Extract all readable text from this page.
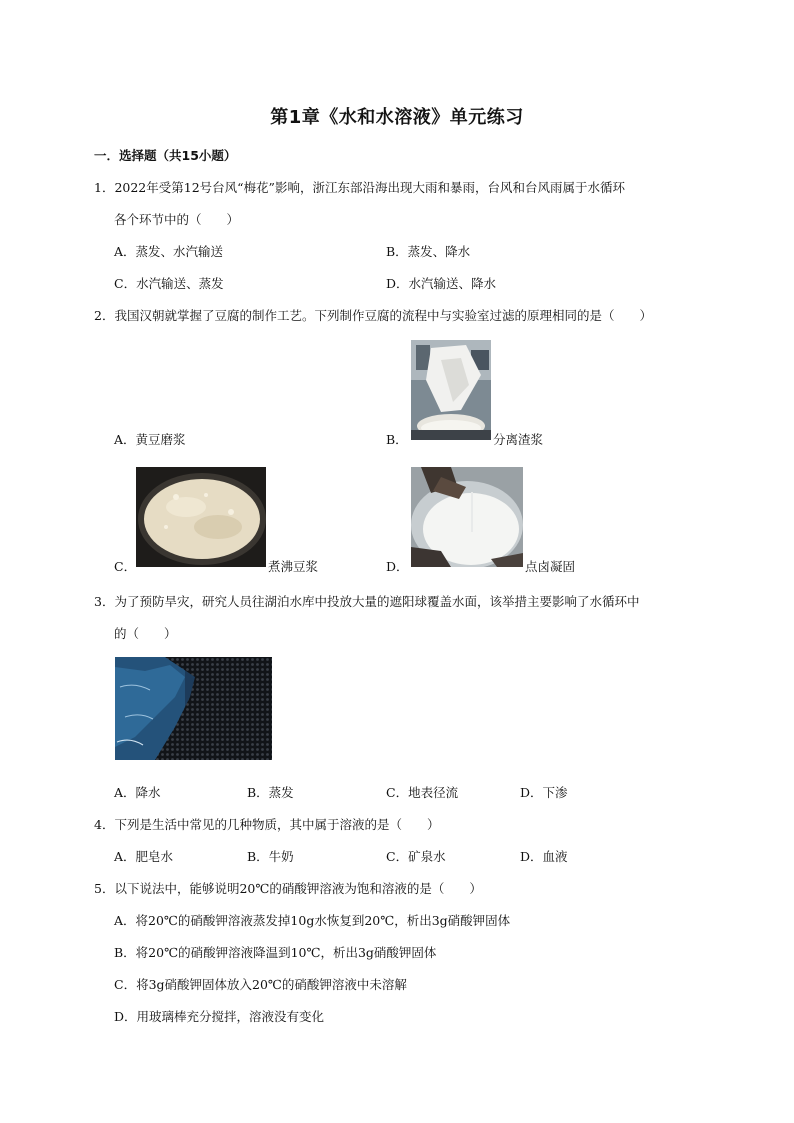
第1章《水和水溶液》单元练习
一．选择题（共15小题）
1．2022年受第12号台风“梅花”影响，浙江东部沿海出现大雨和暴雨，台风和台风雨属于水循环
各个环节中的（　　）
A．蒸发、水汽输送	B．蒸发、降水
C．水汽输送、蒸发	D．水汽输送、降水
2．我国汉朝就掌握了豆腐的制作工艺。下列制作豆腐的流程中与实验室过滤的原理相同的是（　　）
A．黄豆磨浆	B．	分离渣浆
C．	煮沸豆浆	D．	点卤凝固
3．为了预防旱灾，研究人员往湖泊水库中投放大量的遮阳球覆盖水面，该举措主要影响了水循环中
的（　　）
A．降水	B．蒸发	C．地表径流	D．下渗
4．下列是生活中常见的几种物质，其中属于溶液的是（　　）
A．肥皂水	B．牛奶	C．矿泉水	D．血液
5．以下说法中，能够说明20℃的硝酸钾溶液为饱和溶液的是（　　）
A．将20℃的硝酸钾溶液蒸发掉10g水恢复到20℃，析出3g硝酸钾固体
B．将20℃的硝酸钾溶液降温到10℃，析出3g硝酸钾固体
C．将3g硝酸钾固体放入20℃的硝酸钾溶液中未溶解
D．用玻璃棒充分搅拌，溶液没有变化
